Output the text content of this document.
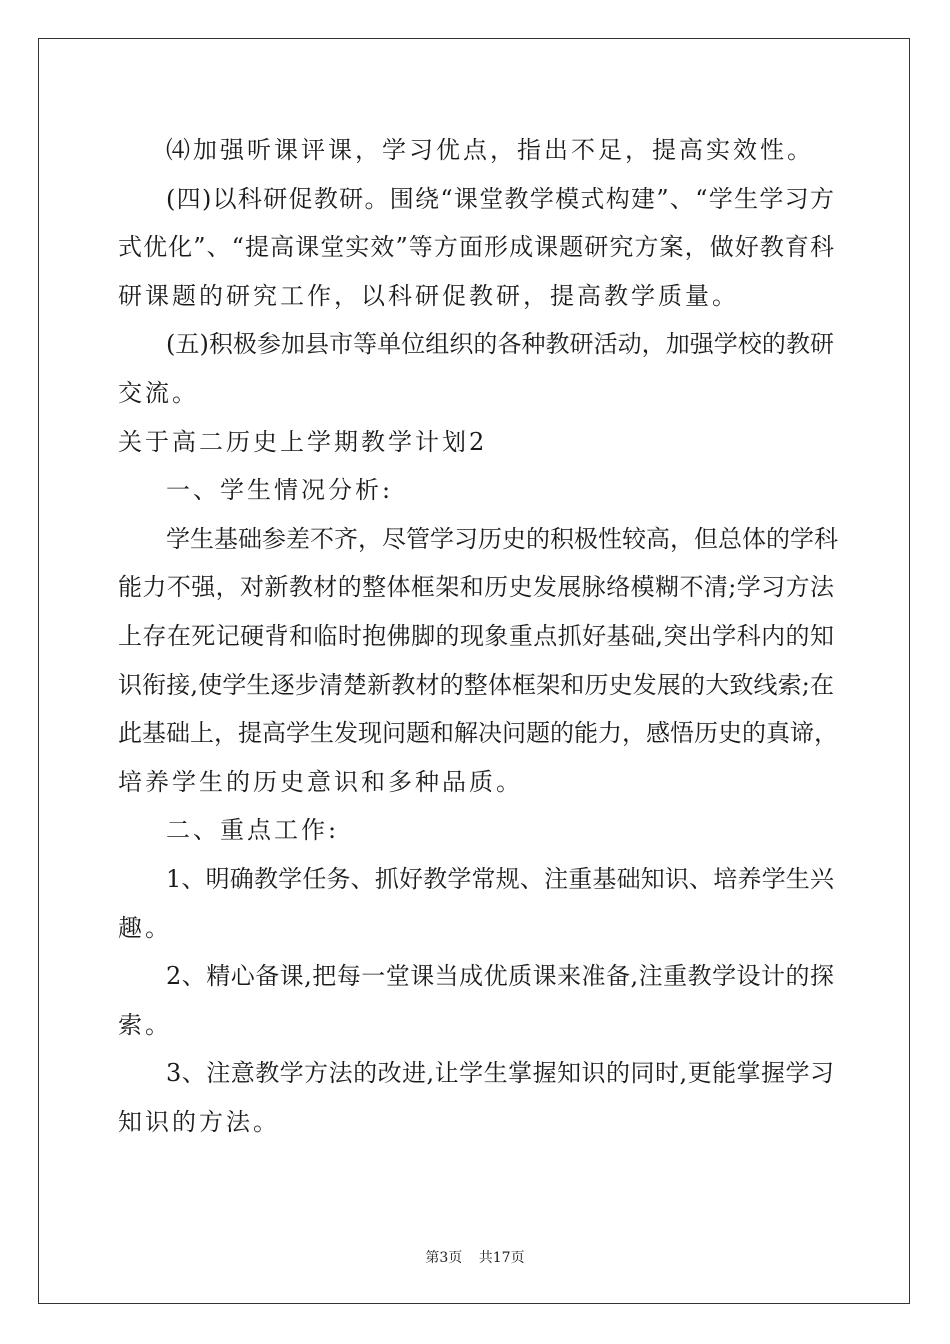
⑷加强听课评课，学习优点，指出不足，提高实效性。
(四)以科研促教研。围绕“课堂教学模式构建”、“学生学习方
式优化”、“提高课堂实效”等方面形成课题研究方案，做好教育科
研课题的研究工作，以科研促教研，提高教学质量。
(五)积极参加县市等单位组织的各种教研活动，加强学校的教研
交流。
关于高二历史上学期教学计划2
一、学生情况分析:
学生基础参差不齐，尽管学习历史的积极性较高，但总体的学科
能力不强，对新教材的整体框架和历史发展脉络模糊不清;学习方法
上存在死记硬背和临时抱佛脚的现象重点抓好基础,突出学科内的知
识衔接,使学生逐步清楚新教材的整体框架和历史发展的大致线索;在
此基础上，提高学生发现问题和解决问题的能力，感悟历史的真谛，
培养学生的历史意识和多种品质。
二、重点工作:
1、明确教学任务、抓好教学常规、注重基础知识、培养学生兴
趣。
2、精心备课,把每一堂课当成优质课来准备,注重教学设计的探
索。
3、注意教学方法的改进,让学生掌握知识的同时,更能掌握学习
知识的方法。
第3页 共17页
